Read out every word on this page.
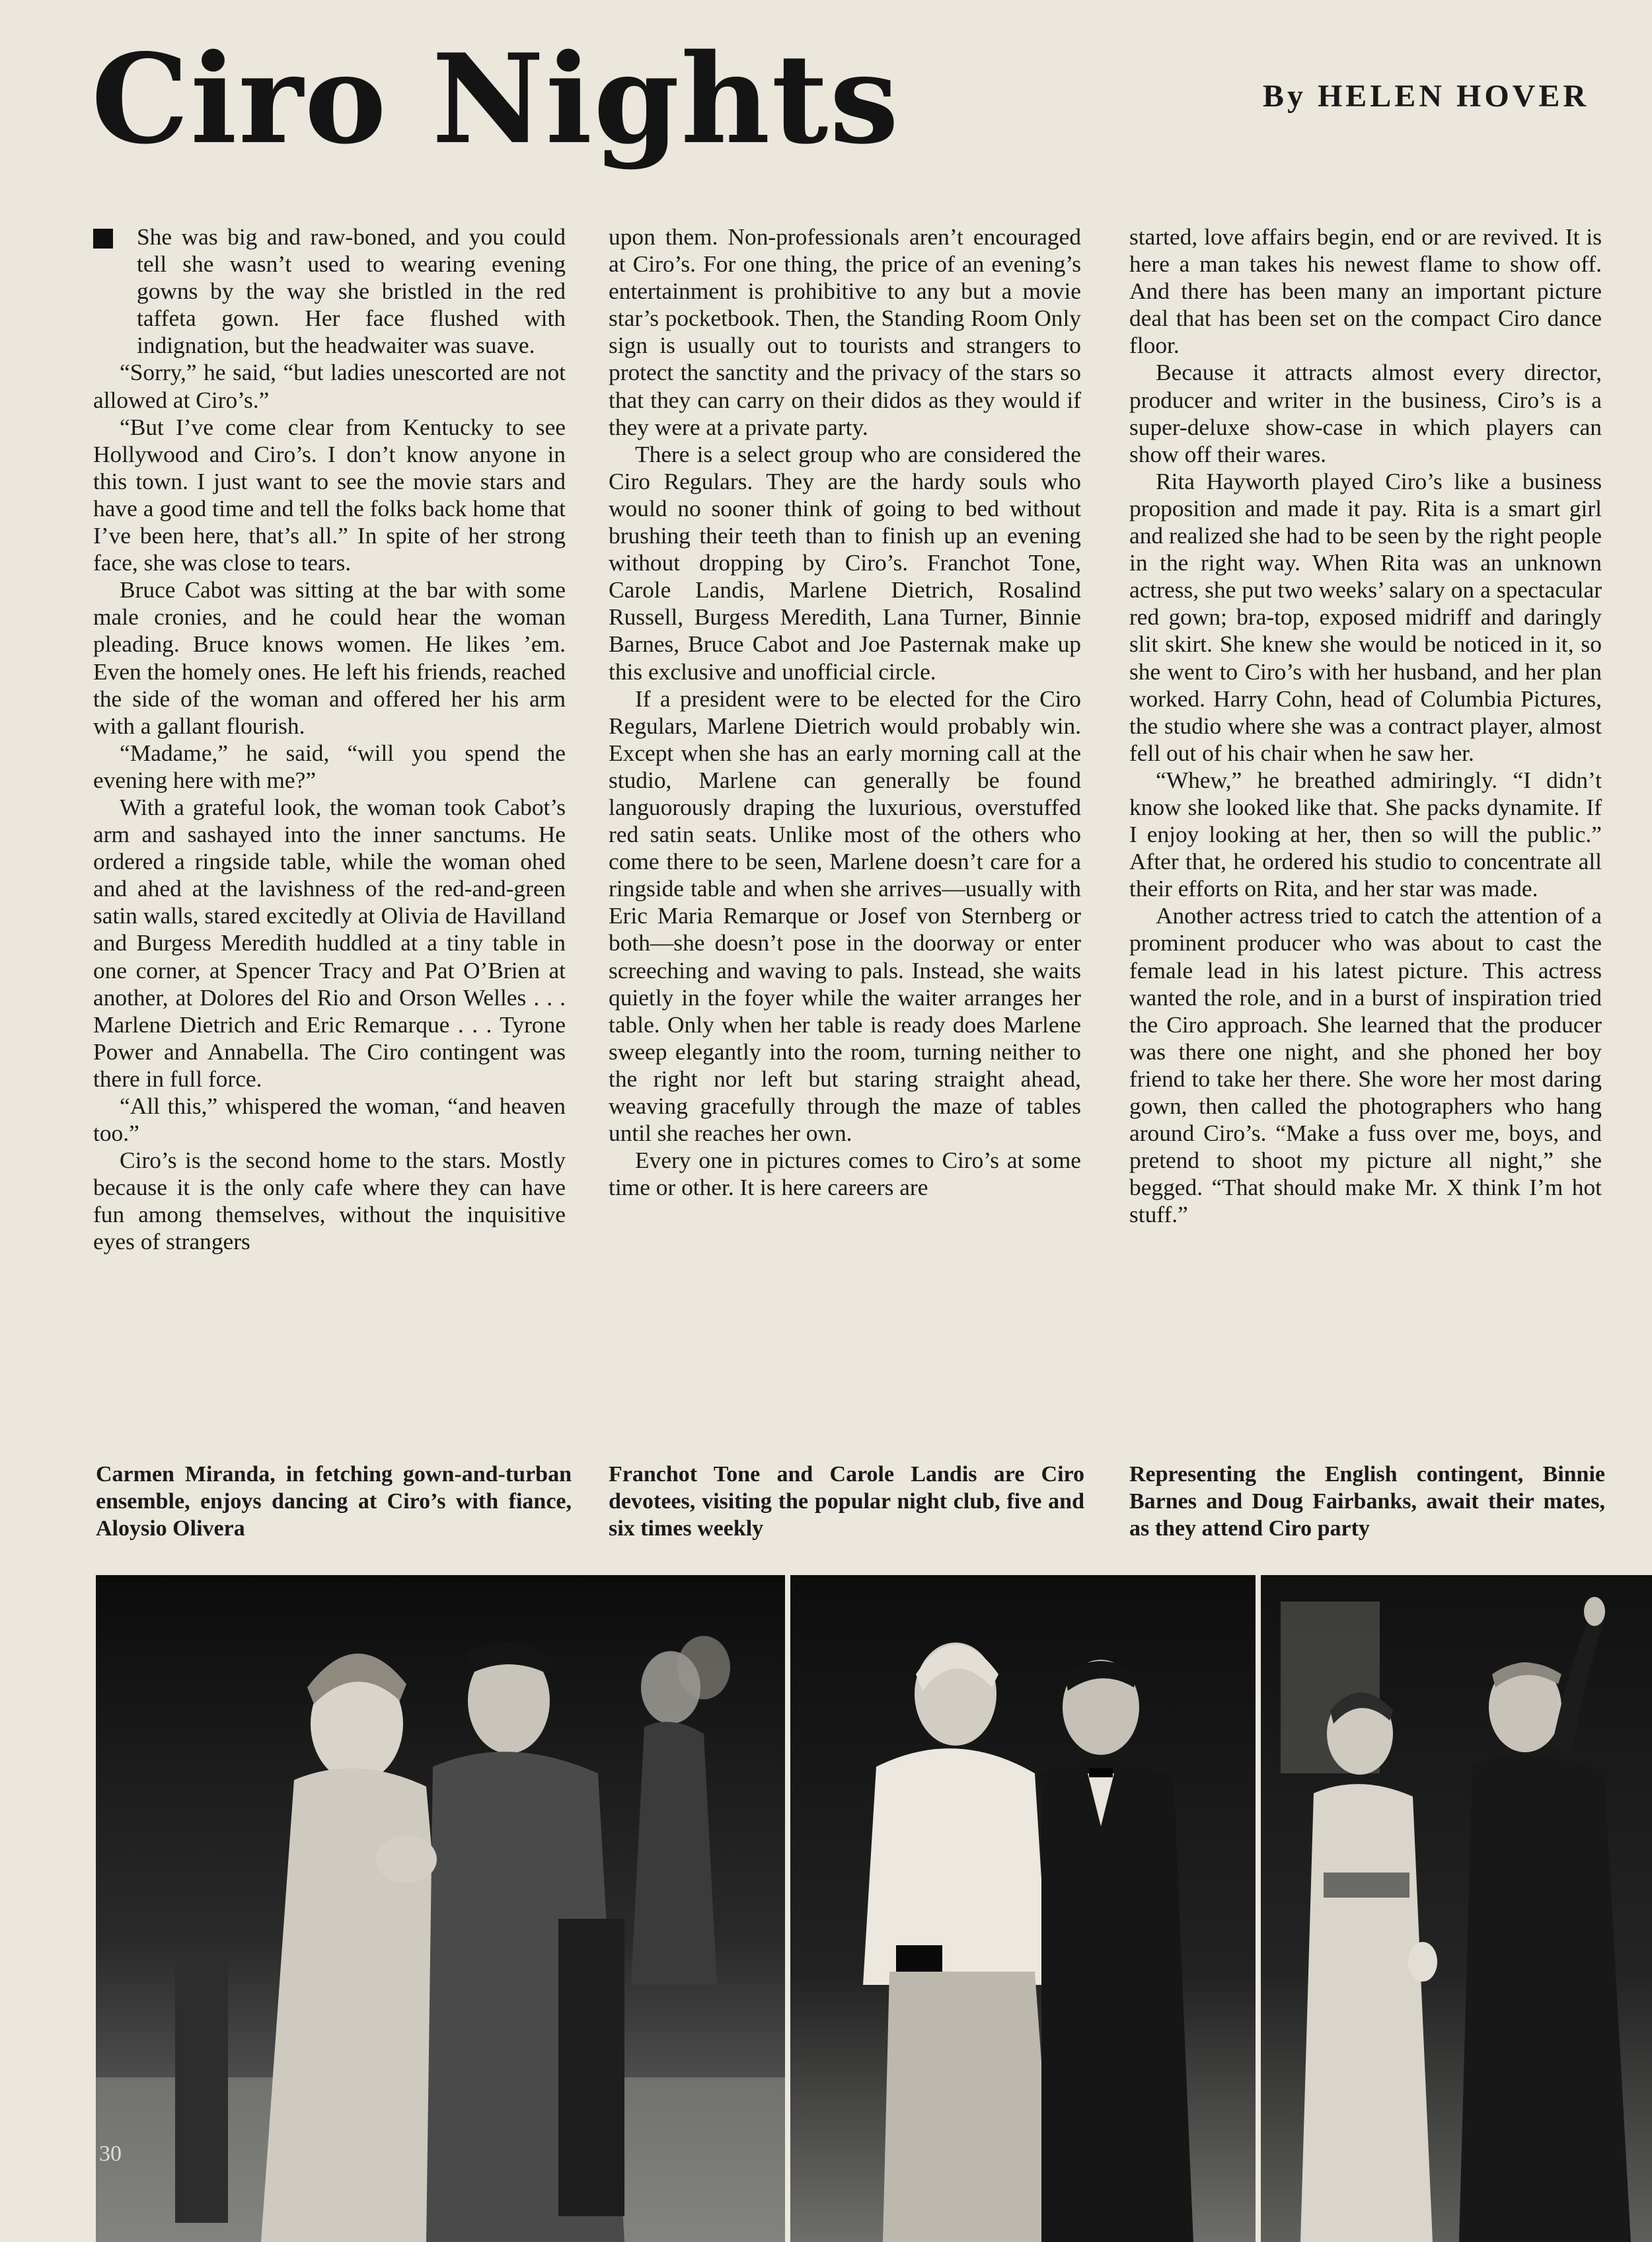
Ciro Nights	By HELEN HOVER

She was big and raw-boned, and you could tell she wasn’t used to wearing evening gowns by the way she bristled in the red taffeta gown. Her face flushed with indignation, but the headwaiter was suave.

“Sorry,” he said, “but ladies unescorted are not allowed at Ciro’s.”

“But I’ve come clear from Kentucky to see Hollywood and Ciro’s. I don’t know anyone in this town. I just want to see the movie stars and have a good time and tell the folks back home that I’ve been here, that’s all.” In spite of her strong face, she was close to tears.

Bruce Cabot was sitting at the bar with some male cronies, and he could hear the woman pleading. Bruce knows women. He likes ’em. Even the homely ones. He left his friends, reached the side of the woman and offered her his arm with a gallant flourish.

“Madame,” he said, “will you spend the evening here with me?”

With a grateful look, the woman took Cabot’s arm and sashayed into the inner sanctums. He ordered a ringside table, while the woman ohed and ahed at the lavishness of the red-and-green satin walls, stared excitedly at Olivia de Havilland and Burgess Meredith huddled at a tiny table in one corner, at Spencer Tracy and Pat O’Brien at another, at Dolores del Rio and Orson Welles . . . Marlene Dietrich and Eric Remarque . . . Tyrone Power and Annabella. The Ciro contingent was there in full force.

“All this,” whispered the woman, “and heaven too.”

Ciro’s is the second home to the stars. Mostly because it is the only cafe where they can have fun among themselves, without the inquisitive eyes of strangers

upon them. Non-professionals aren’t encouraged at Ciro’s. For one thing, the price of an evening’s entertainment is prohibitive to any but a movie star’s pocketbook. Then, the Standing Room Only sign is usually out to tourists and strangers to protect the sanctity and the privacy of the stars so that they can carry on their didos as they would if they were at a private party.

There is a select group who are considered the Ciro Regulars. They are the hardy souls who would no sooner think of going to bed without brushing their teeth than to finish up an evening without dropping by Ciro’s. Franchot Tone, Carole Landis, Marlene Dietrich, Rosalind Russell, Burgess Meredith, Lana Turner, Binnie Barnes, Bruce Cabot and Joe Pasternak make up this exclusive and unofficial circle.

If a president were to be elected for the Ciro Regulars, Marlene Dietrich would probably win. Except when she has an early morning call at the studio, Marlene can generally be found languorously draping the luxurious, overstuffed red satin seats. Unlike most of the others who come there to be seen, Marlene doesn’t care for a ringside table and when she arrives—usually with Eric Maria Remarque or Josef von Sternberg or both—she doesn’t pose in the doorway or enter screeching and waving to pals. Instead, she waits quietly in the foyer while the waiter arranges her table. Only when her table is ready does Marlene sweep elegantly into the room, turning neither to the right nor left but staring straight ahead, weaving gracefully through the maze of tables until she reaches her own.

Every one in pictures comes to Ciro’s at some time or other. It is here careers are

started, love affairs begin, end or are revived. It is here a man takes his newest flame to show off. And there has been many an important picture deal that has been set on the compact Ciro dance floor.

Because it attracts almost every director, producer and writer in the business, Ciro’s is a super-deluxe show-case in which players can show off their wares.

Rita Hayworth played Ciro’s like a business proposition and made it pay. Rita is a smart girl and realized she had to be seen by the right people in the right way. When Rita was an unknown actress, she put two weeks’ salary on a spectacular red gown; bra-top, exposed midriff and daringly slit skirt. She knew she would be noticed in it, so she went to Ciro’s with her husband, and her plan worked. Harry Cohn, head of Columbia Pictures, the studio where she was a contract player, almost fell out of his chair when he saw her.

“Whew,” he breathed admiringly. “I didn’t know she looked like that. She packs dynamite. If I enjoy looking at her, then so will the public.” After that, he ordered his studio to concentrate all their efforts on Rita, and her star was made.

Another actress tried to catch the attention of a prominent producer who was about to cast the female lead in his latest picture. This actress wanted the role, and in a burst of inspiration tried the Ciro approach. She learned that the producer was there one night, and she phoned her boy friend to take her there. She wore her most daring gown, then called the photographers who hang around Ciro’s. “Make a fuss over me, boys, and pretend to shoot my picture all night,” she begged. “That should make Mr. X think I’m hot stuff.”

Carmen Miranda, in fetching gown-and-turban ensemble, enjoys dancing at Ciro’s with fiance, Aloysio Olivera
Franchot Tone and Carole Landis are Ciro devotees, visiting the popular night club, five and six times weekly
Representing the English contingent, Binnie Barnes and Doug Fairbanks, await their mates, as they attend Ciro party
30
